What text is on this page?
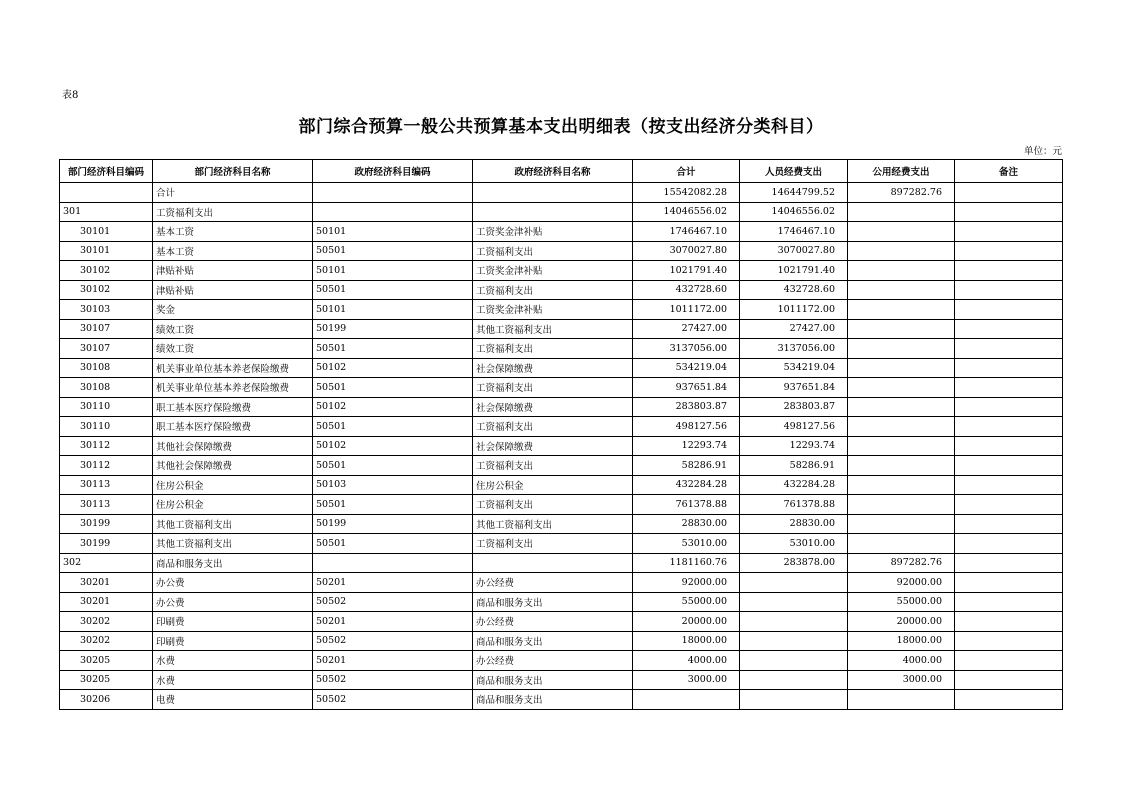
表8
部门综合预算一般公共预算基本支出明细表（按支出经济分类科目）
单位：元
部门经济科目编码	部门经济科目名称	政府经济科目编码	政府经济科目名称	合计	人员经费支出	公用经费支出	备注
	合计			15542082.28	14644799.52	897282.76	
301	工资福利支出			14046556.02	14046556.02		
30101	基本工资	50101	工资奖金津补贴	1746467.10	1746467.10		
30101	基本工资	50501	工资福利支出	3070027.80	3070027.80		
30102	津贴补贴	50101	工资奖金津补贴	1021791.40	1021791.40		
30102	津贴补贴	50501	工资福利支出	432728.60	432728.60		
30103	奖金	50101	工资奖金津补贴	1011172.00	1011172.00		
30107	绩效工资	50199	其他工资福利支出	27427.00	27427.00		
30107	绩效工资	50501	工资福利支出	3137056.00	3137056.00		
30108	机关事业单位基本养老保险缴费	50102	社会保障缴费	534219.04	534219.04		
30108	机关事业单位基本养老保险缴费	50501	工资福利支出	937651.84	937651.84		
30110	职工基本医疗保险缴费	50102	社会保障缴费	283803.87	283803.87		
30110	职工基本医疗保险缴费	50501	工资福利支出	498127.56	498127.56		
30112	其他社会保障缴费	50102	社会保障缴费	12293.74	12293.74		
30112	其他社会保障缴费	50501	工资福利支出	58286.91	58286.91		
30113	住房公积金	50103	住房公积金	432284.28	432284.28		
30113	住房公积金	50501	工资福利支出	761378.88	761378.88		
30199	其他工资福利支出	50199	其他工资福利支出	28830.00	28830.00		
30199	其他工资福利支出	50501	工资福利支出	53010.00	53010.00		
302	商品和服务支出			1181160.76	283878.00	897282.76	
30201	办公费	50201	办公经费	92000.00		92000.00	
30201	办公费	50502	商品和服务支出	55000.00		55000.00	
30202	印刷费	50201	办公经费	20000.00		20000.00	
30202	印刷费	50502	商品和服务支出	18000.00		18000.00	
30205	水费	50201	办公经费	4000.00		4000.00	
30205	水费	50502	商品和服务支出	3000.00		3000.00	
30206	电费	50502	商品和服务支出				
